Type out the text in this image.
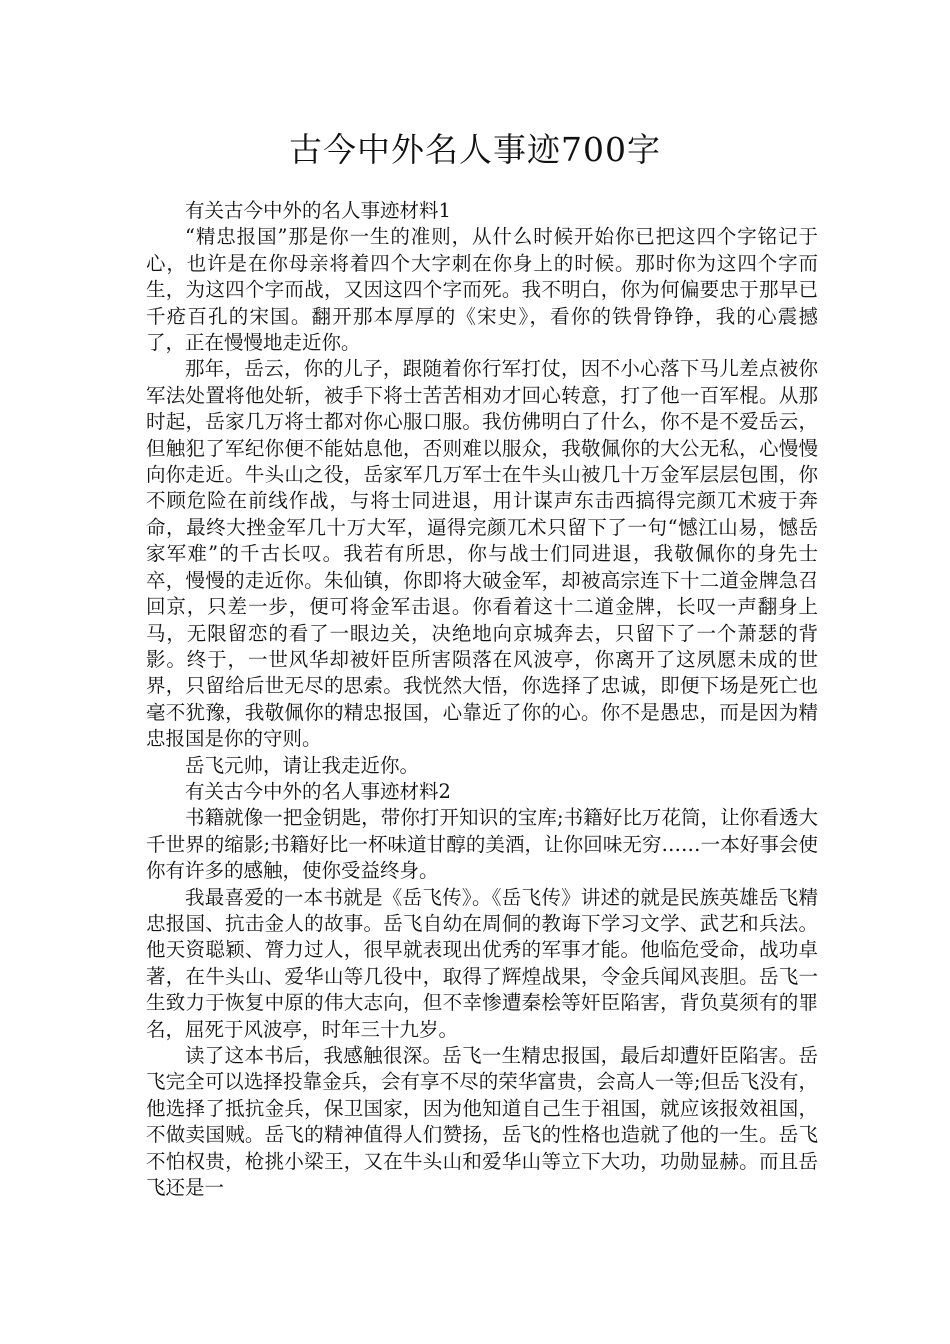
古今中外名人事迹700字

有关古今中外的名人事迹材料1

“精忠报国”那是你一生的准则，从什么时候开始你已把这四个字铭记于心，也许是在你母亲将着四个大字刺在你身上的时候。那时你为这四个字而生，为这四个字而战，又因这四个字而死。我不明白，你为何偏要忠于那早已千疮百孔的宋国。翻开那本厚厚的《宋史》，看你的铁骨铮铮，我的心震撼了，正在慢慢地走近你。

那年，岳云，你的儿子，跟随着你行军打仗，因不小心落下马儿差点被你军法处置将他处斩，被手下将士苦苦相劝才回心转意，打了他一百军棍。从那时起，岳家几万将士都对你心服口服。我仿佛明白了什么，你不是不爱岳云，但触犯了军纪你便不能姑息他，否则难以服众，我敬佩你的大公无私，心慢慢向你走近。牛头山之役，岳家军几万军士在牛头山被几十万金军层层包围，你不顾危险在前线作战，与将士同进退，用计谋声东击西搞得完颜兀术疲于奔命，最终大挫金军几十万大军，逼得完颜兀术只留下了一句“憾江山易，憾岳家军难”的千古长叹。我若有所思，你与战士们同进退，我敬佩你的身先士卒，慢慢的走近你。朱仙镇，你即将大破金军，却被高宗连下十二道金牌急召回京，只差一步，便可将金军击退。你看着这十二道金牌，长叹一声翻身上马，无限留恋的看了一眼边关，决绝地向京城奔去，只留下了一个萧瑟的背影。终于，一世风华却被奸臣所害陨落在风波亭，你离开了这夙愿未成的世界，只留给后世无尽的思索。我恍然大悟，你选择了忠诚，即便下场是死亡也毫不犹豫，我敬佩你的精忠报国，心靠近了你的心。你不是愚忠，而是因为精忠报国是你的守则。

岳飞元帅，请让我走近你。

有关古今中外的名人事迹材料2

书籍就像一把金钥匙，带你打开知识的宝库;书籍好比万花筒，让你看透大千世界的缩影;书籍好比一杯味道甘醇的美酒，让你回味无穷……一本好事会使你有许多的感触，使你受益终身。

我最喜爱的一本书就是《岳飞传》。《岳飞传》讲述的就是民族英雄岳飞精忠报国、抗击金人的故事。岳飞自幼在周侗的教诲下学习文学、武艺和兵法。他天资聪颖、膂力过人，很早就表现出优秀的军事才能。他临危受命，战功卓著，在牛头山、爱华山等几役中，取得了辉煌战果，令金兵闻风丧胆。岳飞一生致力于恢复中原的伟大志向，但不幸惨遭秦桧等奸臣陷害，背负莫须有的罪名，屈死于风波亭，时年三十九岁。

读了这本书后，我感触很深。岳飞一生精忠报国，最后却遭奸臣陷害。岳飞完全可以选择投靠金兵，会有享不尽的荣华富贵，会高人一等;但岳飞没有，他选择了抵抗金兵，保卫国家，因为他知道自己生于祖国，就应该报效祖国，不做卖国贼。岳飞的精神值得人们赞扬，岳飞的性格也造就了他的一生。岳飞不怕权贵，枪挑小梁王，又在牛头山和爱华山等立下大功，功勋显赫。而且岳飞还是一
